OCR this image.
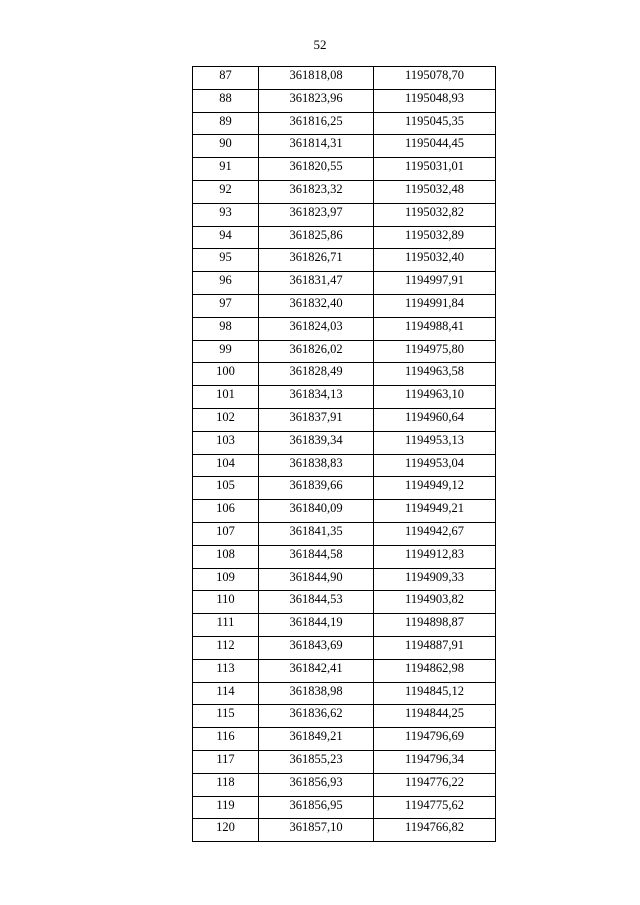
52
87	361818,08	1195078,70
88	361823,96	1195048,93
89	361816,25	1195045,35
90	361814,31	1195044,45
91	361820,55	1195031,01
92	361823,32	1195032,48
93	361823,97	1195032,82
94	361825,86	1195032,89
95	361826,71	1195032,40
96	361831,47	1194997,91
97	361832,40	1194991,84
98	361824,03	1194988,41
99	361826,02	1194975,80
100	361828,49	1194963,58
101	361834,13	1194963,10
102	361837,91	1194960,64
103	361839,34	1194953,13
104	361838,83	1194953,04
105	361839,66	1194949,12
106	361840,09	1194949,21
107	361841,35	1194942,67
108	361844,58	1194912,83
109	361844,90	1194909,33
110	361844,53	1194903,82
111	361844,19	1194898,87
112	361843,69	1194887,91
113	361842,41	1194862,98
114	361838,98	1194845,12
115	361836,62	1194844,25
116	361849,21	1194796,69
117	361855,23	1194796,34
118	361856,93	1194776,22
119	361856,95	1194775,62
120	361857,10	1194766,82
